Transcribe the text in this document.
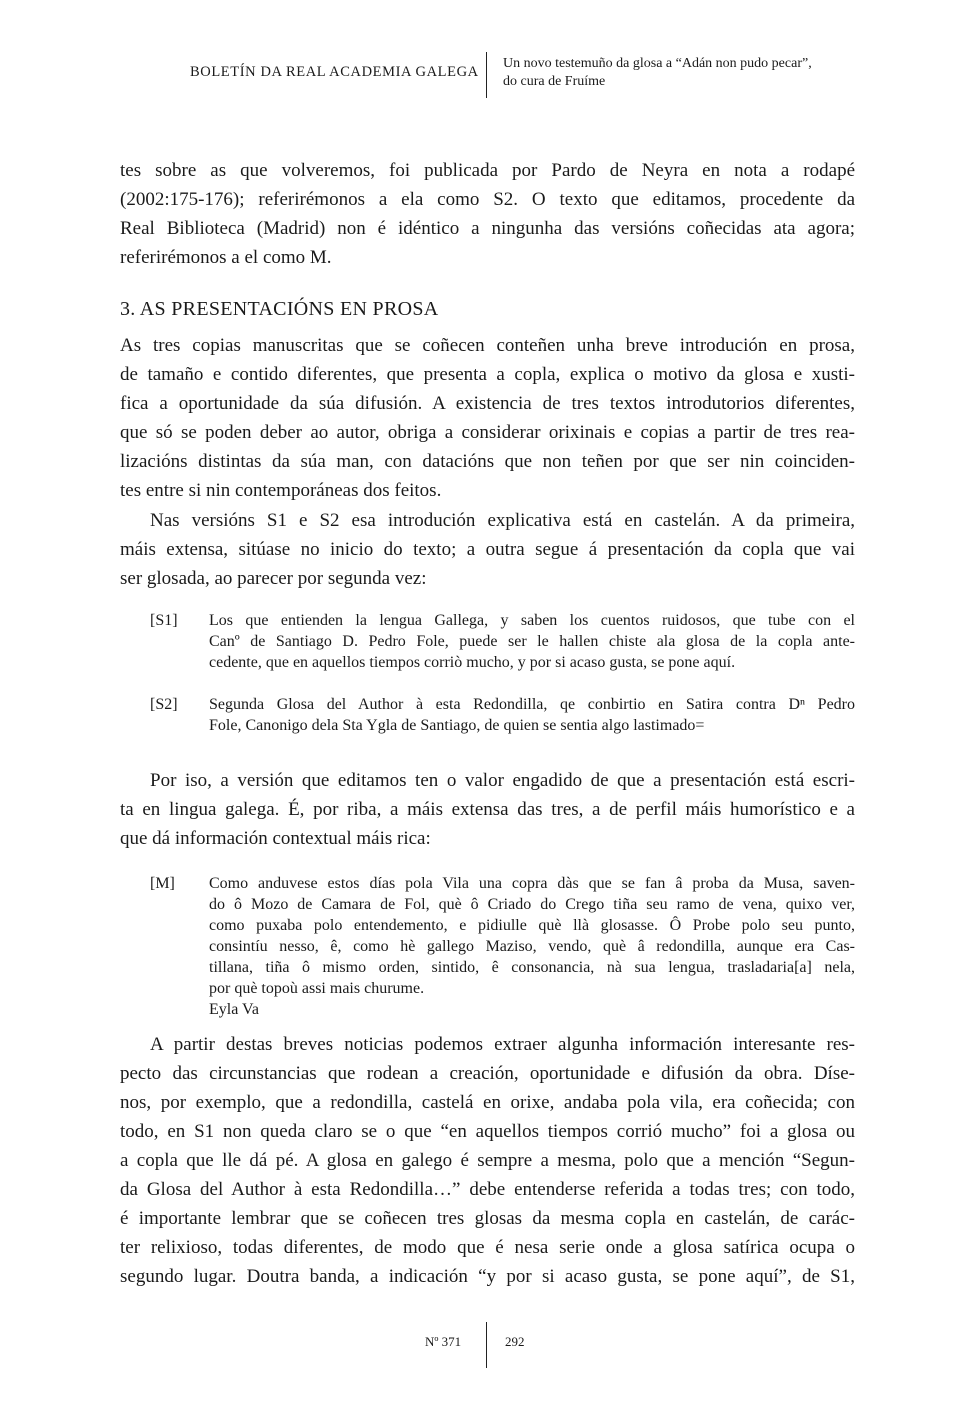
BOLETÍN DA REAL ACADEMIA GALEGA
Un novo testemuño da glosa a “Adán non pudo pecar”,
do cura de Fruíme
tes sobre as que volveremos, foi publicada por Pardo de Neyra en nota a rodapé
(2002:175-176); referirémonos a ela como S2. O texto que editamos, procedente da
Real Biblioteca (Madrid) non é idéntico a ningunha das versións coñecidas ata agora;
referirémonos a el como M.
3. AS PRESENTACIÓNS EN PROSA
As tres copias manuscritas que se coñecen conteñen unha breve introdución en prosa,
de tamaño e contido diferentes, que presenta a copla, explica o motivo da glosa e xusti-
fica a oportunidade da súa difusión. A existencia de tres textos introdutorios diferentes,
que só se poden deber ao autor, obriga a considerar orixinais e copias a partir de tres rea-
lizacións distintas da súa man, con datacións que non teñen por que ser nin coinciden-
tes entre si nin contemporáneas dos feitos.
Nas versións S1 e S2 esa introdución explicativa está en castelán. A da primeira,
máis extensa, sitúase no inicio do texto; a outra segue á presentación da copla que vai
ser glosada, ao parecer por segunda vez:
[S1] Los que entienden la lengua Gallega, y saben los cuentos ruidosos, que tube con el
Canº de Santiago D. Pedro Fole, puede ser le hallen chiste ala glosa de la copla ante-
cedente, que en aquellos tiempos corriò mucho, y por si acaso gusta, se pone aquí.
[S2] Segunda Glosa del Author à esta Redondilla, qe conbirtio en Satira contra Dⁿ Pedro
Fole, Canonigo dela Sta Ygla de Santiago, de quien se sentia algo lastimado=
Por iso, a versión que editamos ten o valor engadido de que a presentación está escri-
ta en lingua galega. É, por riba, a máis extensa das tres, a de perfil máis humorístico e a
que dá información contextual máis rica:
[M] Como anduvese estos días pola Vila una copra dàs que se fan â proba da Musa, saven-
do ô Mozo de Camara de Fol, què ô Criado do Crego tiña seu ramo de vena, quixo ver,
como puxaba polo entendemento, e pidiulle què llà glosasse. Ô Probe polo seu punto,
consintíu nesso, ê, como hè gallego Maziso, vendo, què â redondilla, aunque era Cas-
tillana, tiña ô mismo orden, sintido, ê consonancia, nà sua lengua, trasladaria[a] nela,
por què topoù assi mais churume.
Eyla Va
A partir destas breves noticias podemos extraer algunha información interesante res-
pecto das circunstancias que rodean a creación, oportunidade e difusión da obra. Díse-
nos, por exemplo, que a redondilla, castelá en orixe, andaba pola vila, era coñecida; con
todo, en S1 non queda claro se o que “en aquellos tiempos corrió mucho” foi a glosa ou
a copla que lle dá pé. A glosa en galego é sempre a mesma, polo que a mención “Segun-
da Glosa del Author à esta Redondilla…” debe entenderse referida a todas tres; con todo,
é importante lembrar que se coñecen tres glosas da mesma copla en castelán, de carác-
ter relixioso, todas diferentes, de modo que é nesa serie onde a glosa satírica ocupa o
segundo lugar. Doutra banda, a indicación “y por si acaso gusta, se pone aquí”, de S1,
Nº 371	292
